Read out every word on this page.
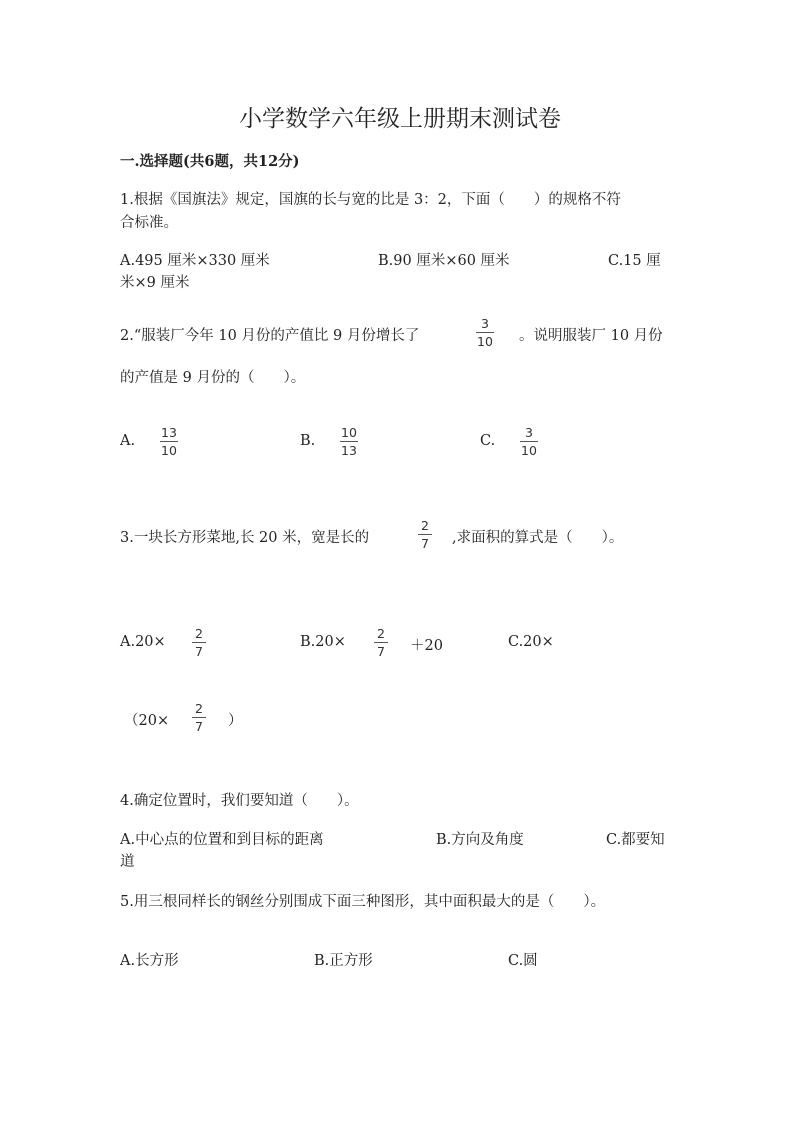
小学数学六年级上册期末测试卷
一.选择题(共6题，共12分)
1.根据《国旗法》规定，国旗的长与宽的比是 3：2，下面（　　）的规格不符
合标准。
A.495 厘米×330 厘米	B.90 厘米×60 厘米	C.15 厘
米×9 厘米
2.“服装厂今年 10 月份的产值比 9 月份增长了
3
10 。说明服装厂 10 月份
的产值是 9 月份的（　　）。
A.
13
10
B.
10
13
C.
3
10
3.一块长方形菜地,长 20 米，宽是长的
2
7 ,求面积的算式是（　　）。
A.20×
2
7
B.20×
2
7 ＋20	C.20×
（20×
2
7 ）
4.确定位置时，我们要知道（　　）。
A.中心点的位置和到目标的距离	B.方向及角度	C.都要知
道
5.用三根同样长的钢丝分别围成下面三种图形，其中面积最大的是（　　）。
A.长方形	B.正方形	C.圆
